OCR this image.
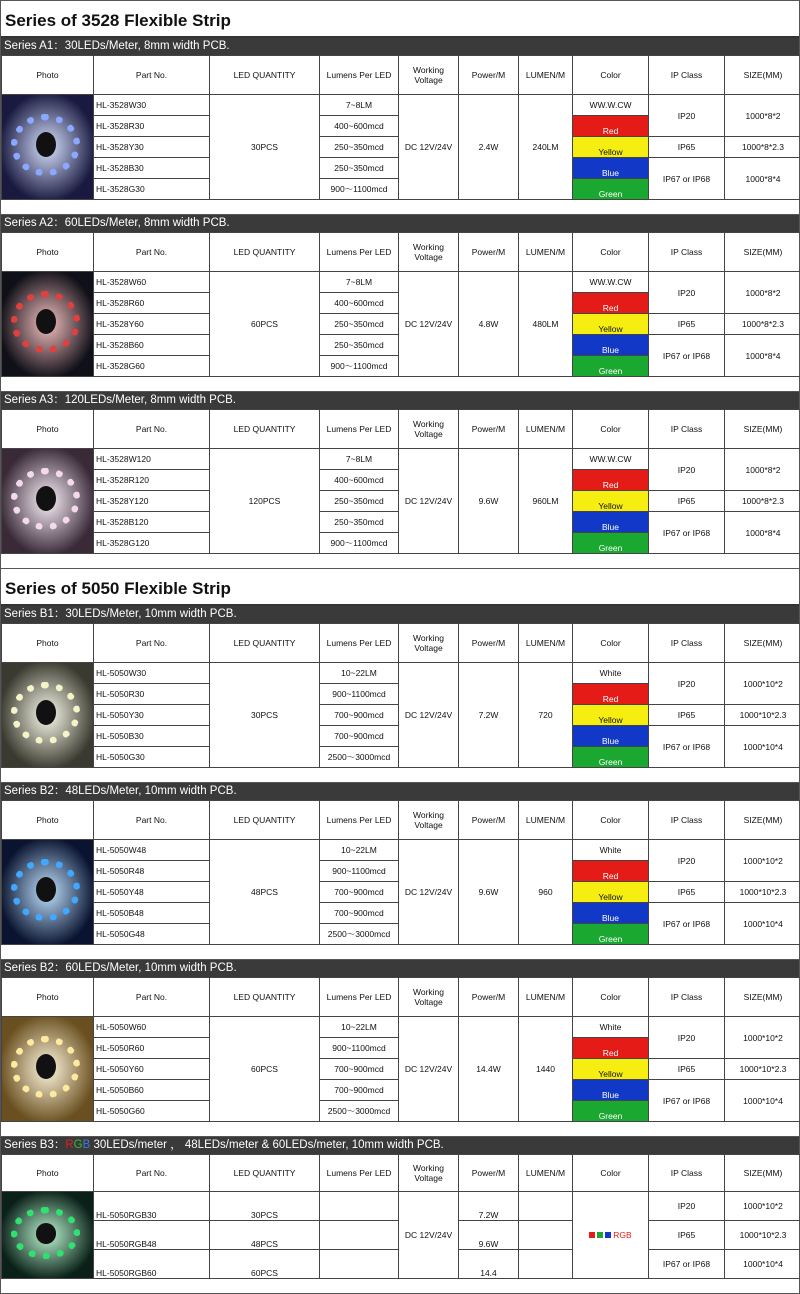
Series of 3528 Flexible Strip
Series A1：30LEDs/Meter, 8mm width PCB.
Photo	Part No.	LED QUANTITY	Lumens Per LED	Working Voltage	Power/M	LUMEN/M	Color	IP Class	SIZE(MM)

	HL-3528W30	30PCS	7~8LM	DC 12V/24V	2.4W	240LM	WW.W.CW	IP20	1000*8*2
	HL-3528R30		400~600mcd				Red		
	HL-3528Y30		250~350mcd				Yellow	IP65	1000*8*2.3
	HL-3528B30		250~350mcd				Blue	IP67 or IP68	1000*8*4
	HL-3528G30		900～1100mcd				Green		
Series A2：60LEDs/Meter, 8mm width PCB.
Photo	Part No.	LED QUANTITY	Lumens Per LED	Working Voltage	Power/M	LUMEN/M	Color	IP Class	SIZE(MM)

	HL-3528W60	60PCS	7~8LM	DC 12V/24V	4.8W	480LM	WW.W.CW	IP20	1000*8*2
	HL-3528R60		400~600mcd				Red		
	HL-3528Y60		250~350mcd				Yellow	IP65	1000*8*2.3
	HL-3528B60		250~350mcd				Blue	IP67 or IP68	1000*8*4
	HL-3528G60		900～1100mcd				Green		
Series A3：120LEDs/Meter, 8mm width PCB.
Photo	Part No.	LED QUANTITY	Lumens Per LED	Working Voltage	Power/M	LUMEN/M	Color	IP Class	SIZE(MM)

	HL-3528W120	120PCS	7~8LM	DC 12V/24V	9.6W	960LM	WW.W.CW	IP20	1000*8*2
	HL-3528R120		400~600mcd				Red		
	HL-3528Y120		250~350mcd				Yellow	IP65	1000*8*2.3
	HL-3528B120		250~350mcd				Blue	IP67 or IP68	1000*8*4
	HL-3528G120		900～1100mcd				Green		
Series of 5050 Flexible Strip
Series B1：30LEDs/Meter, 10mm width PCB.
Photo	Part No.	LED QUANTITY	Lumens Per LED	Working Voltage	Power/M	LUMEN/M	Color	IP Class	SIZE(MM)

	HL-5050W30	30PCS	10~22LM	DC 12V/24V	7.2W	720	White	IP20	1000*10*2
	HL-5050R30		900~1100mcd				Red		
	HL-5050Y30		700~900mcd				Yellow	IP65	1000*10*2.3
	HL-5050B30		700~900mcd				Blue	IP67 or IP68	1000*10*4
	HL-5050G30		2500～3000mcd				Green		
Series B2：48LEDs/Meter, 10mm width PCB.
Photo	Part No.	LED QUANTITY	Lumens Per LED	Working Voltage	Power/M	LUMEN/M	Color	IP Class	SIZE(MM)

	HL-5050W48	48PCS	10~22LM	DC 12V/24V	9.6W	960	White	IP20	1000*10*2
	HL-5050R48		900~1100mcd				Red		
	HL-5050Y48		700~900mcd				Yellow	IP65	1000*10*2.3
	HL-5050B48		700~900mcd				Blue	IP67 or IP68	1000*10*4
	HL-5050G48		2500～3000mcd				Green		
Series B2：60LEDs/Meter, 10mm width PCB.
Photo	Part No.	LED QUANTITY	Lumens Per LED	Working Voltage	Power/M	LUMEN/M	Color	IP Class	SIZE(MM)

	HL-5050W60	60PCS	10~22LM	DC 12V/24V	14.4W	1440	White	IP20	1000*10*2
	HL-5050R60		900~1100mcd				Red		
	HL-5050Y60		700~900mcd				Yellow	IP65	1000*10*2.3
	HL-5050B60		700~900mcd				Blue	IP67 or IP68	1000*10*4
	HL-5050G60		2500～3000mcd				Green		
Series B3：RGB 30LEDs/meter ， 48LEDs/meter & 60LEDs/meter, 10mm width PCB.
Photo	Part No.	LED QUANTITY	Lumens Per LED	Working Voltage	Power/M	LUMEN/M	Color	IP Class	SIZE(MM)

	HL-5050RGB30	30PCS		DC 12V/24V	7.2W		RGB	IP20	1000*10*2
	HL-5050RGB48	48PCS			9.6W			IP65	1000*10*2.3
	HL-5050RGB60	60PCS			14.4			IP67 or IP68	1000*10*4
